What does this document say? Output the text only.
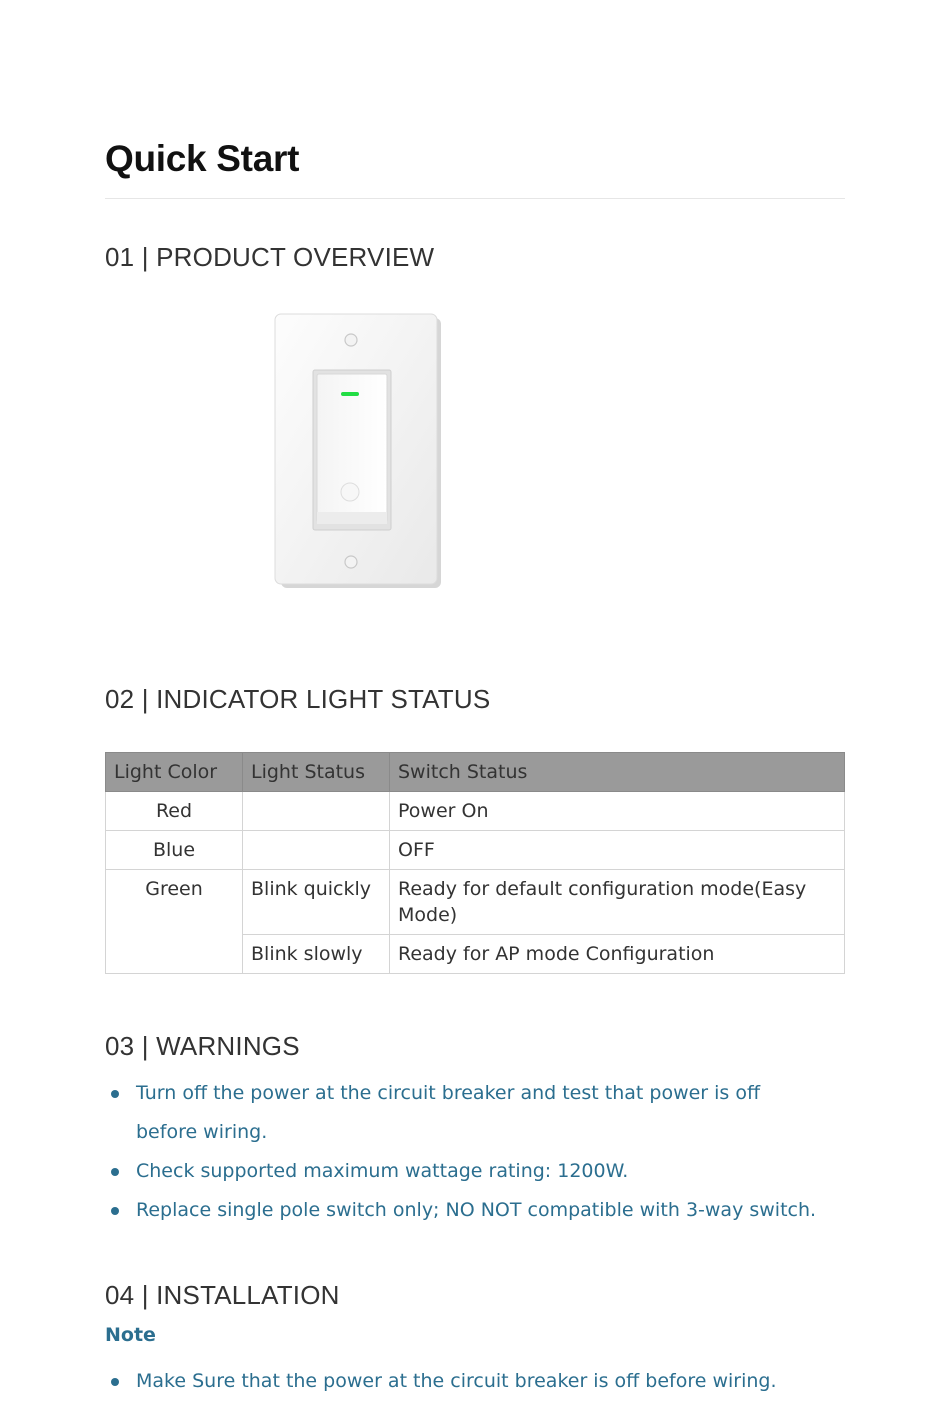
Quick Start
01 | PRODUCT OVERVIEW
02 | INDICATOR LIGHT STATUS
Light Color	Light Status	Switch Status
Red		Power On
Blue		OFF
Green	Blink quickly	Ready for default configuration mode(Easy Mode)
	Blink slowly	Ready for AP mode Configuration
03 | WARNINGS
Turn off the power at the circuit breaker and test that power is off before wiring.
Check supported maximum wattage rating: 1200W.
Replace single pole switch only; NO NOT compatible with 3-way switch.
04 | INSTALLATION

Note

Make Sure that the power at the circuit breaker is off before wiring.
